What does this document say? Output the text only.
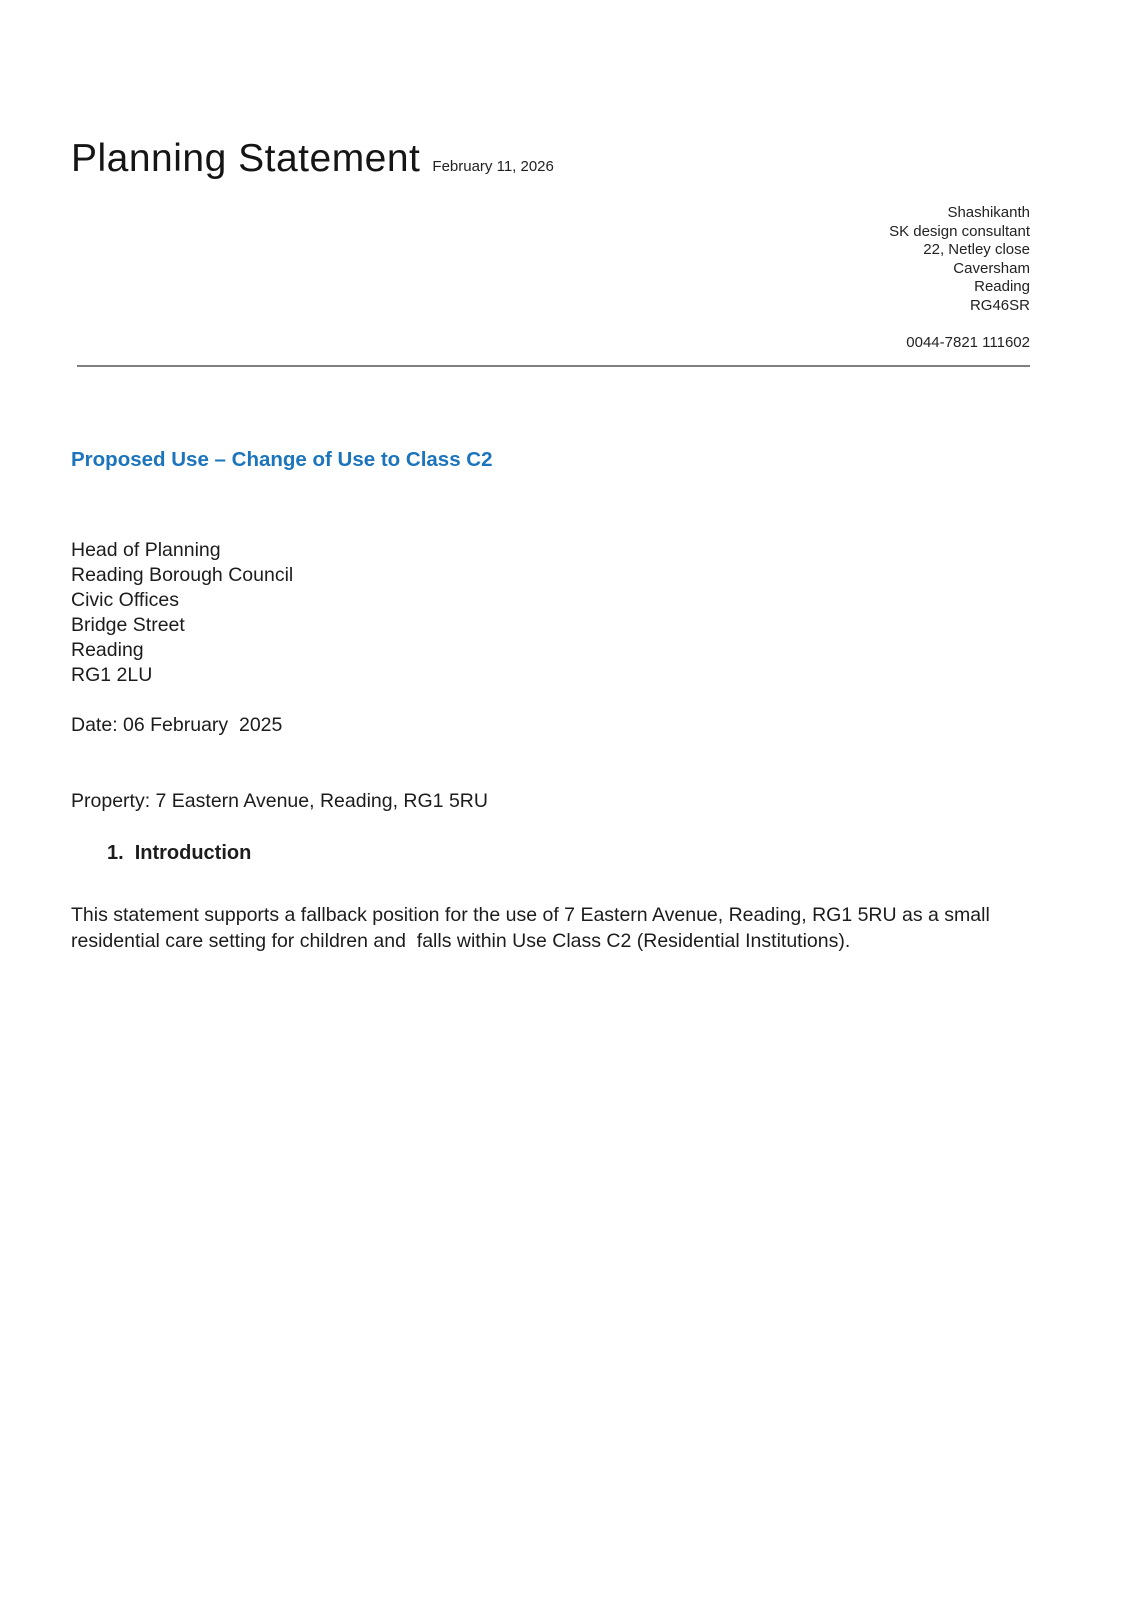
Planning Statement February 11, 2026
Shashikanth
SK design consultant
22, Netley close
Caversham
Reading
RG46SR
0044-7821 111602
Proposed Use – Change of Use to Class C2
Head of Planning
Reading Borough Council
Civic Offices
Bridge Street
Reading
RG1 2LU
Date: 06 February  2025
Property: 7 Eastern Avenue, Reading, RG1 5RU
1. Introduction
This statement supports a fallback position for the use of 7 Eastern Avenue, Reading, RG1 5RU as a small residential care setting for children and  falls within Use Class C2 (Residential Institutions).
